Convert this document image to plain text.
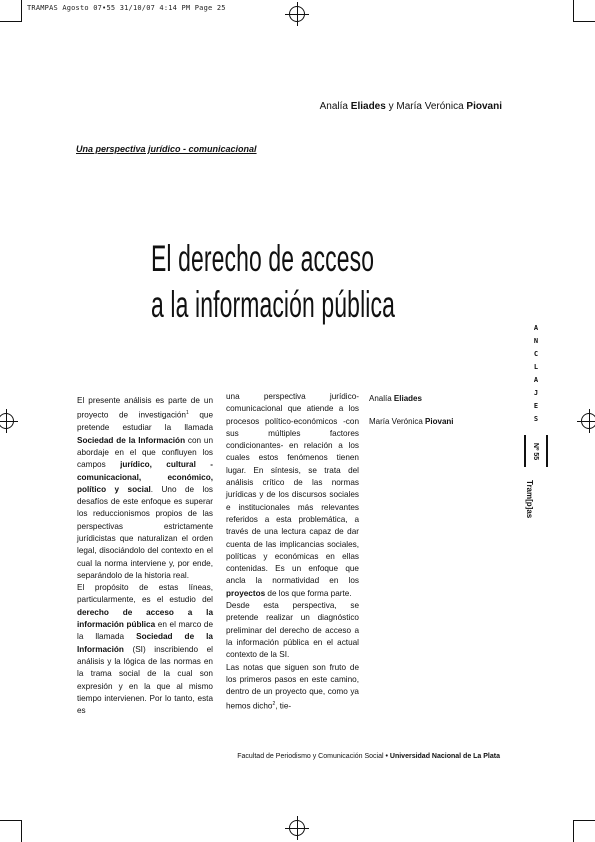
TRAMPAS Agosto 07•55 31/10/07 4:14 PM Page 25
Analía Eliades y María Verónica Piovani
Una perspectiva jurídico - comunicacional
El derecho de acceso
a la información pública

El presente análisis es parte de un proyecto de investigación$^1$ que pretende estudiar la llamada Sociedad de la Información con un abordaje en el que confluyen los campos jurídico, cultural - comunicacional, económico, político y social. Uno de los desafíos de este enfoque es superar los reduccionismos propios de las perspectivas estrictamente jurídicistas que naturalizan el orden legal, disociándolo del contexto en el cual la norma interviene y, por ende, separándolo de la historia real.

El propósito de estas líneas, particularmente, es el estudio del derecho de acceso a la información pública en el marco de la llamada Sociedad de la Información (SI) inscribiendo el análisis y la lógica de las normas en la trama social de la cual son expresión y en la que al mismo tiempo intervienen. Por lo tanto, esta es

una perspectiva jurídico-comunicacional que atiende a los procesos político-económicos -con sus múltiples factores condicionantes- en relación a los cuales estos fenómenos tienen lugar. En síntesis, se trata del análisis crítico de las normas jurídicas y de los discursos sociales e institucionales más relevantes referidos a esta problemática, a través de una lectura capaz de dar cuenta de las implicancias sociales, políticas y económicas en ellas contenidas. Es un enfoque que ancla la normatividad en los proyectos de los que forma parte.

Desde esta perspectiva, se pretende realizar un diagnóstico preliminar del derecho de acceso a la información pública en el actual contexto de la SI.

Las notas que siguen son fruto de los primeros pasos en este camino, dentro de un proyecto que, como ya hemos dicho$^2$, tie-

Analía Eliades
María Verónica Piovani
A
N
C
L
A
J
E
S
Nº 55
Tram[p]as
Facultad de Periodismo y Comunicación Social • Universidad Nacional de La Plata
